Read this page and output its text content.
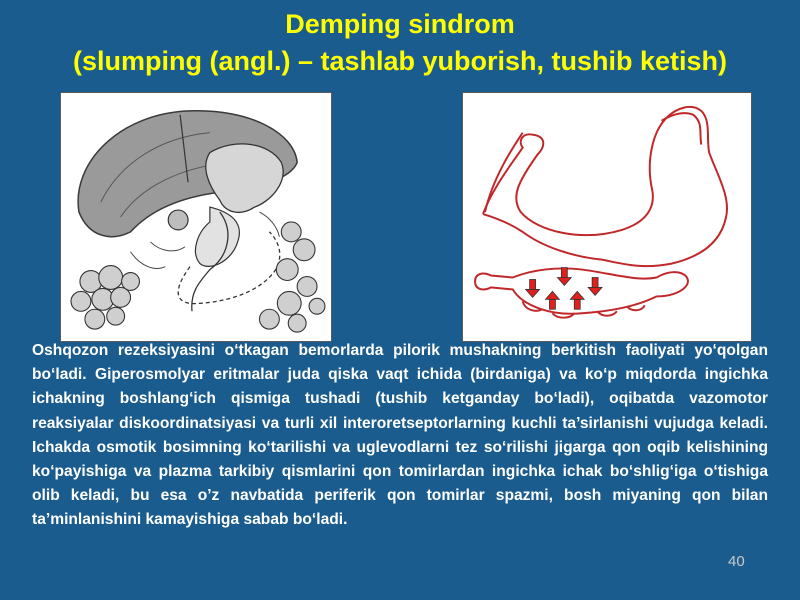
Demping sindrom
(slumping (angl.) – tashlab yuborish, tushib ketish)
Oshqozon rezeksiyasini o‘tkagan bemorlarda pilorik mushakning berkitish faoliyati yo‘qolgan bo‘ladi. Giperosmolyar eritmalar juda qiska vaqt ichida (birdaniga) va ko‘p miqdorda ingichka ichakning boshlang‘ich qismiga tushadi (tushib ketganday bo‘ladi), oqibatda vazomotor reaksiyalar diskoordinatsiyasi va turli xil interoretseptorlarning kuchli ta’sirlanishi vujudga keladi. Ichakda osmotik bosimning ko‘tarilishi va uglevodlarni tez so‘rilishi jigarga qon oqib kelishining ko‘payishiga va plazma tarkibiy qismlarini qon tomirlardan ingichka ichak bo‘shlig‘iga o‘tishiga olib keladi, bu esa o’z navbatida periferik qon tomirlar spazmi, bosh miyaning qon bilan ta’minlanishini kamayishiga sabab bo‘ladi.
40
